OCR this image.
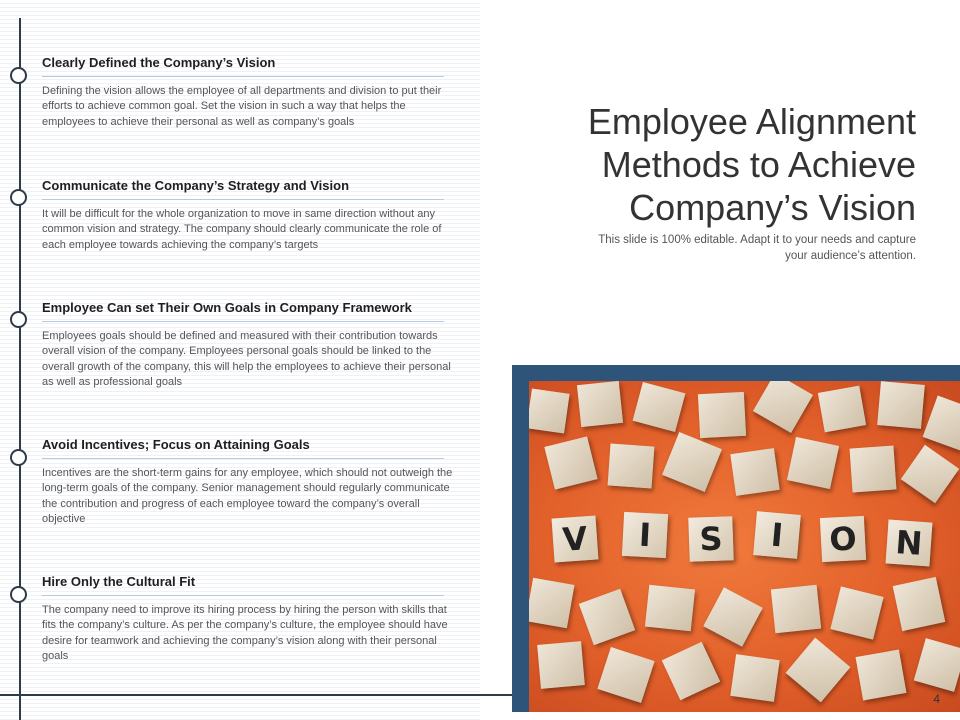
Clearly Defined the Company’s Vision
Defining the vision allows the employee of all departments and division to put their efforts to achieve common goal. Set the vision in such a way that helps the employees to achieve their personal as well as company’s goals
Communicate the Company’s Strategy and Vision
It will be difficult for the whole organization to move in same direction without any common vision and strategy. The company should clearly communicate the role of each employee towards achieving the company’s targets
Employee Can set Their Own Goals in Company Framework
Employees goals should be defined and measured with their contribution towards overall vision of the company. Employees personal goals should be linked to the overall growth of the company, this will help the employees to achieve their personal as well as professional goals
Avoid Incentives; Focus on Attaining Goals
Incentives are the short-term gains for any employee, which should not outweigh the long-term goals of the company. Senior management should regularly communicate the contribution and progress of each employee toward the company’s overall objective
Hire Only the Cultural Fit
The company need to improve its hiring process by hiring the person with skills that fits the company’s culture. As per the company’s culture, the employee should have desire for teamwork and achieving the company’s vision along with their personal goals
Employee Alignment Methods to Achieve Company’s Vision
This slide is 100% editable. Adapt it to your needs and capture your audience’s attention.
V	I	S	I	O N
4
